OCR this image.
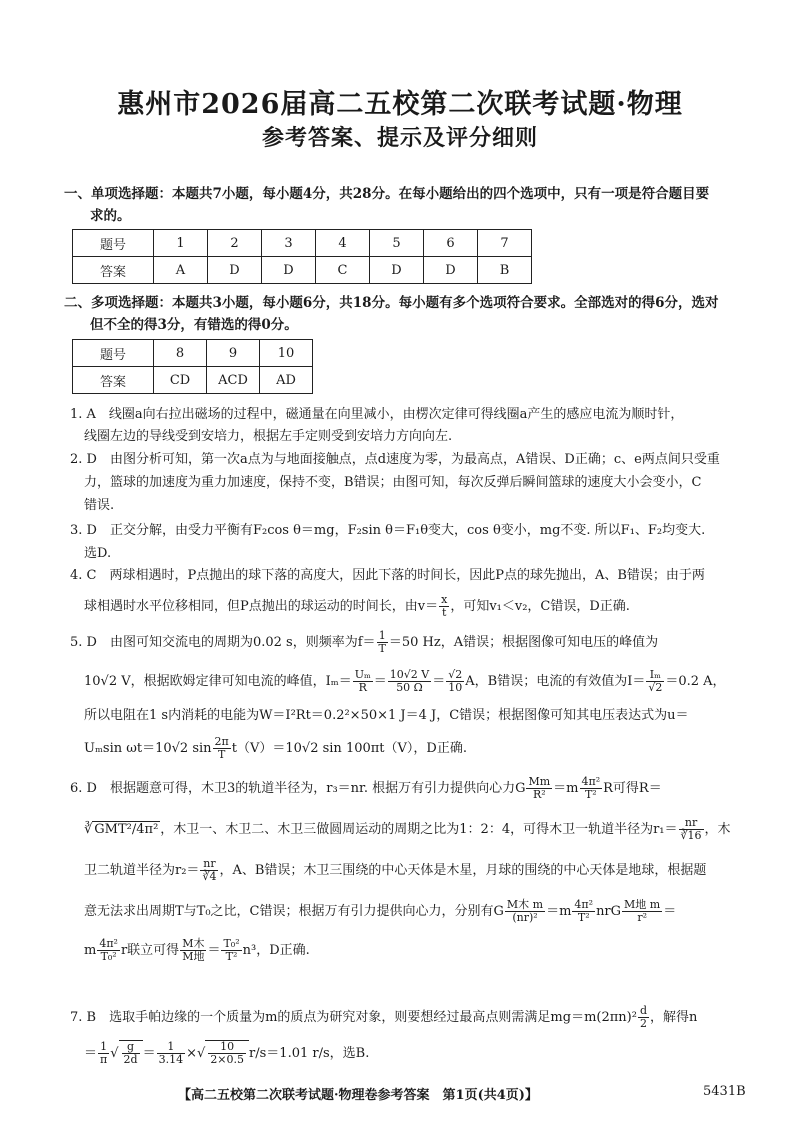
惠州市2026届高二五校第二次联考试题·物理
参考答案、提示及评分细则
一、单项选择题：本题共7小题，每小题4分，共28分。在每小题给出的四个选项中，只有一项是符合题目要
求的。
题号	1	2	3	4	5	6	7
答案	A	D	D	C	D	D	B
二、多项选择题：本题共3小题，每小题6分，共18分。每小题有多个选项符合要求。全部选对的得6分，选对
但不全的得3分，有错选的得0分。
题号	8	9	10
答案	CD	ACD	AD
1. A　线圈a向右拉出磁场的过程中，磁通量在向里减小，由楞次定律可得线圈a产生的感应电流为顺时针，
线圈左边的导线受到安培力，根据左手定则受到安培力方向向左.
2. D　由图分析可知，第一次a点为与地面接触点，点d速度为零，为最高点，A错误、D正确；c、e两点间只受重
力，篮球的加速度为重力加速度，保持不变，B错误；由图可知，每次反弹后瞬间篮球的速度大小会变小，C
错误.
3. D　正交分解，由受力平衡有F₂cos θ＝mg，F₂sin θ＝F₁θ变大，cos θ变小，mg不变. 所以F₁、F₂均变大.
选D.
4. C　两球相遇时，P点抛出的球下落的高度大，因此下落的时间长，因此P点的球先抛出，A、B错误；由于两
球相遇时水平位移相同，但P点抛出的球运动的时间长，由$v= \frac{x}{t}$ ，可知v₁＜v₂，C错误，D正确.
5. D　由图可知交流电的周期为0.02 s，则频率为$f= \frac{1}{T} =50$ Hz，A错误；根据图像可知电压的峰值为
10√2 V，根据欧姆定律可知电流的峰值，$I_m= \frac{\text{Uₘ}}{R} = \frac{10√2 V}{50 \Omega} = \frac{√2}{10}$ A，B错误；电流的有效值为$I= \frac{\text{Iₘ}}{√2} =0.2$ A，
所以电阻在1 s内消耗的电能为W＝I²Rt＝0.2²×50×1 J＝4 J，C错误；根据图像可知其电压表达式为u＝
Uₘsin ωt＝10√2 $\sin \frac{2\pi}{T} t(V)=10√2$ sin 100πt（V），D正确.
6. D　根据题意可得，木卫3的轨道半径为，r₃＝nr. 根据万有引力提供向心力G $\frac{Mm}{\text{R²}} =m \frac{\text{4π²}}{\text{T²}}$ R可得R＝
∛ GMT²/4π² ，木卫一、木卫二、木卫三做圆周运动的周期之比为1：2：4，可得木卫一轨道半径为$r_1= \frac{nr}{∛16}$ ，木
卫二轨道半径为$r_2= \frac{nr}{∛4}$ ，A、B错误；木卫三围绕的中心天体是木星，月球的围绕的中心天体是地球，根据题
意无法求出周期T与T₀之比，C错误；根据万有引力提供向心力，分别有G $\frac{\text{M木 m}}{\text{(nr)²}} =m \frac{\text{4π²}}{\text{T²}}$ nrG $\frac{\text{M地 m}}{\text{r²}}$ ＝
m $\frac{\text{4π²}}{\text{T₀²}}$ r联立可得 $\frac{\text{M木}}{\text{M地}} = \frac{\text{T₀²}}{\text{T²}} n^3$，D正确.
7. B　选取手帕边缘的一个质量为m的质点为研究对象，则要想经过最高点则需满足$mg=m(2\pi n)^2 \frac{d}{2}$ ，解得n
＝ $\frac{1}{\pi}$ √ $\frac{g}{2d} = \frac{1}{3.14}$ ×√ $\frac{10}{2\times 0.5} r/s=1.01$ r/s，选B.
【高二五校第二次联考试题·物理卷参考答案　第1页(共4页)】	5431B
